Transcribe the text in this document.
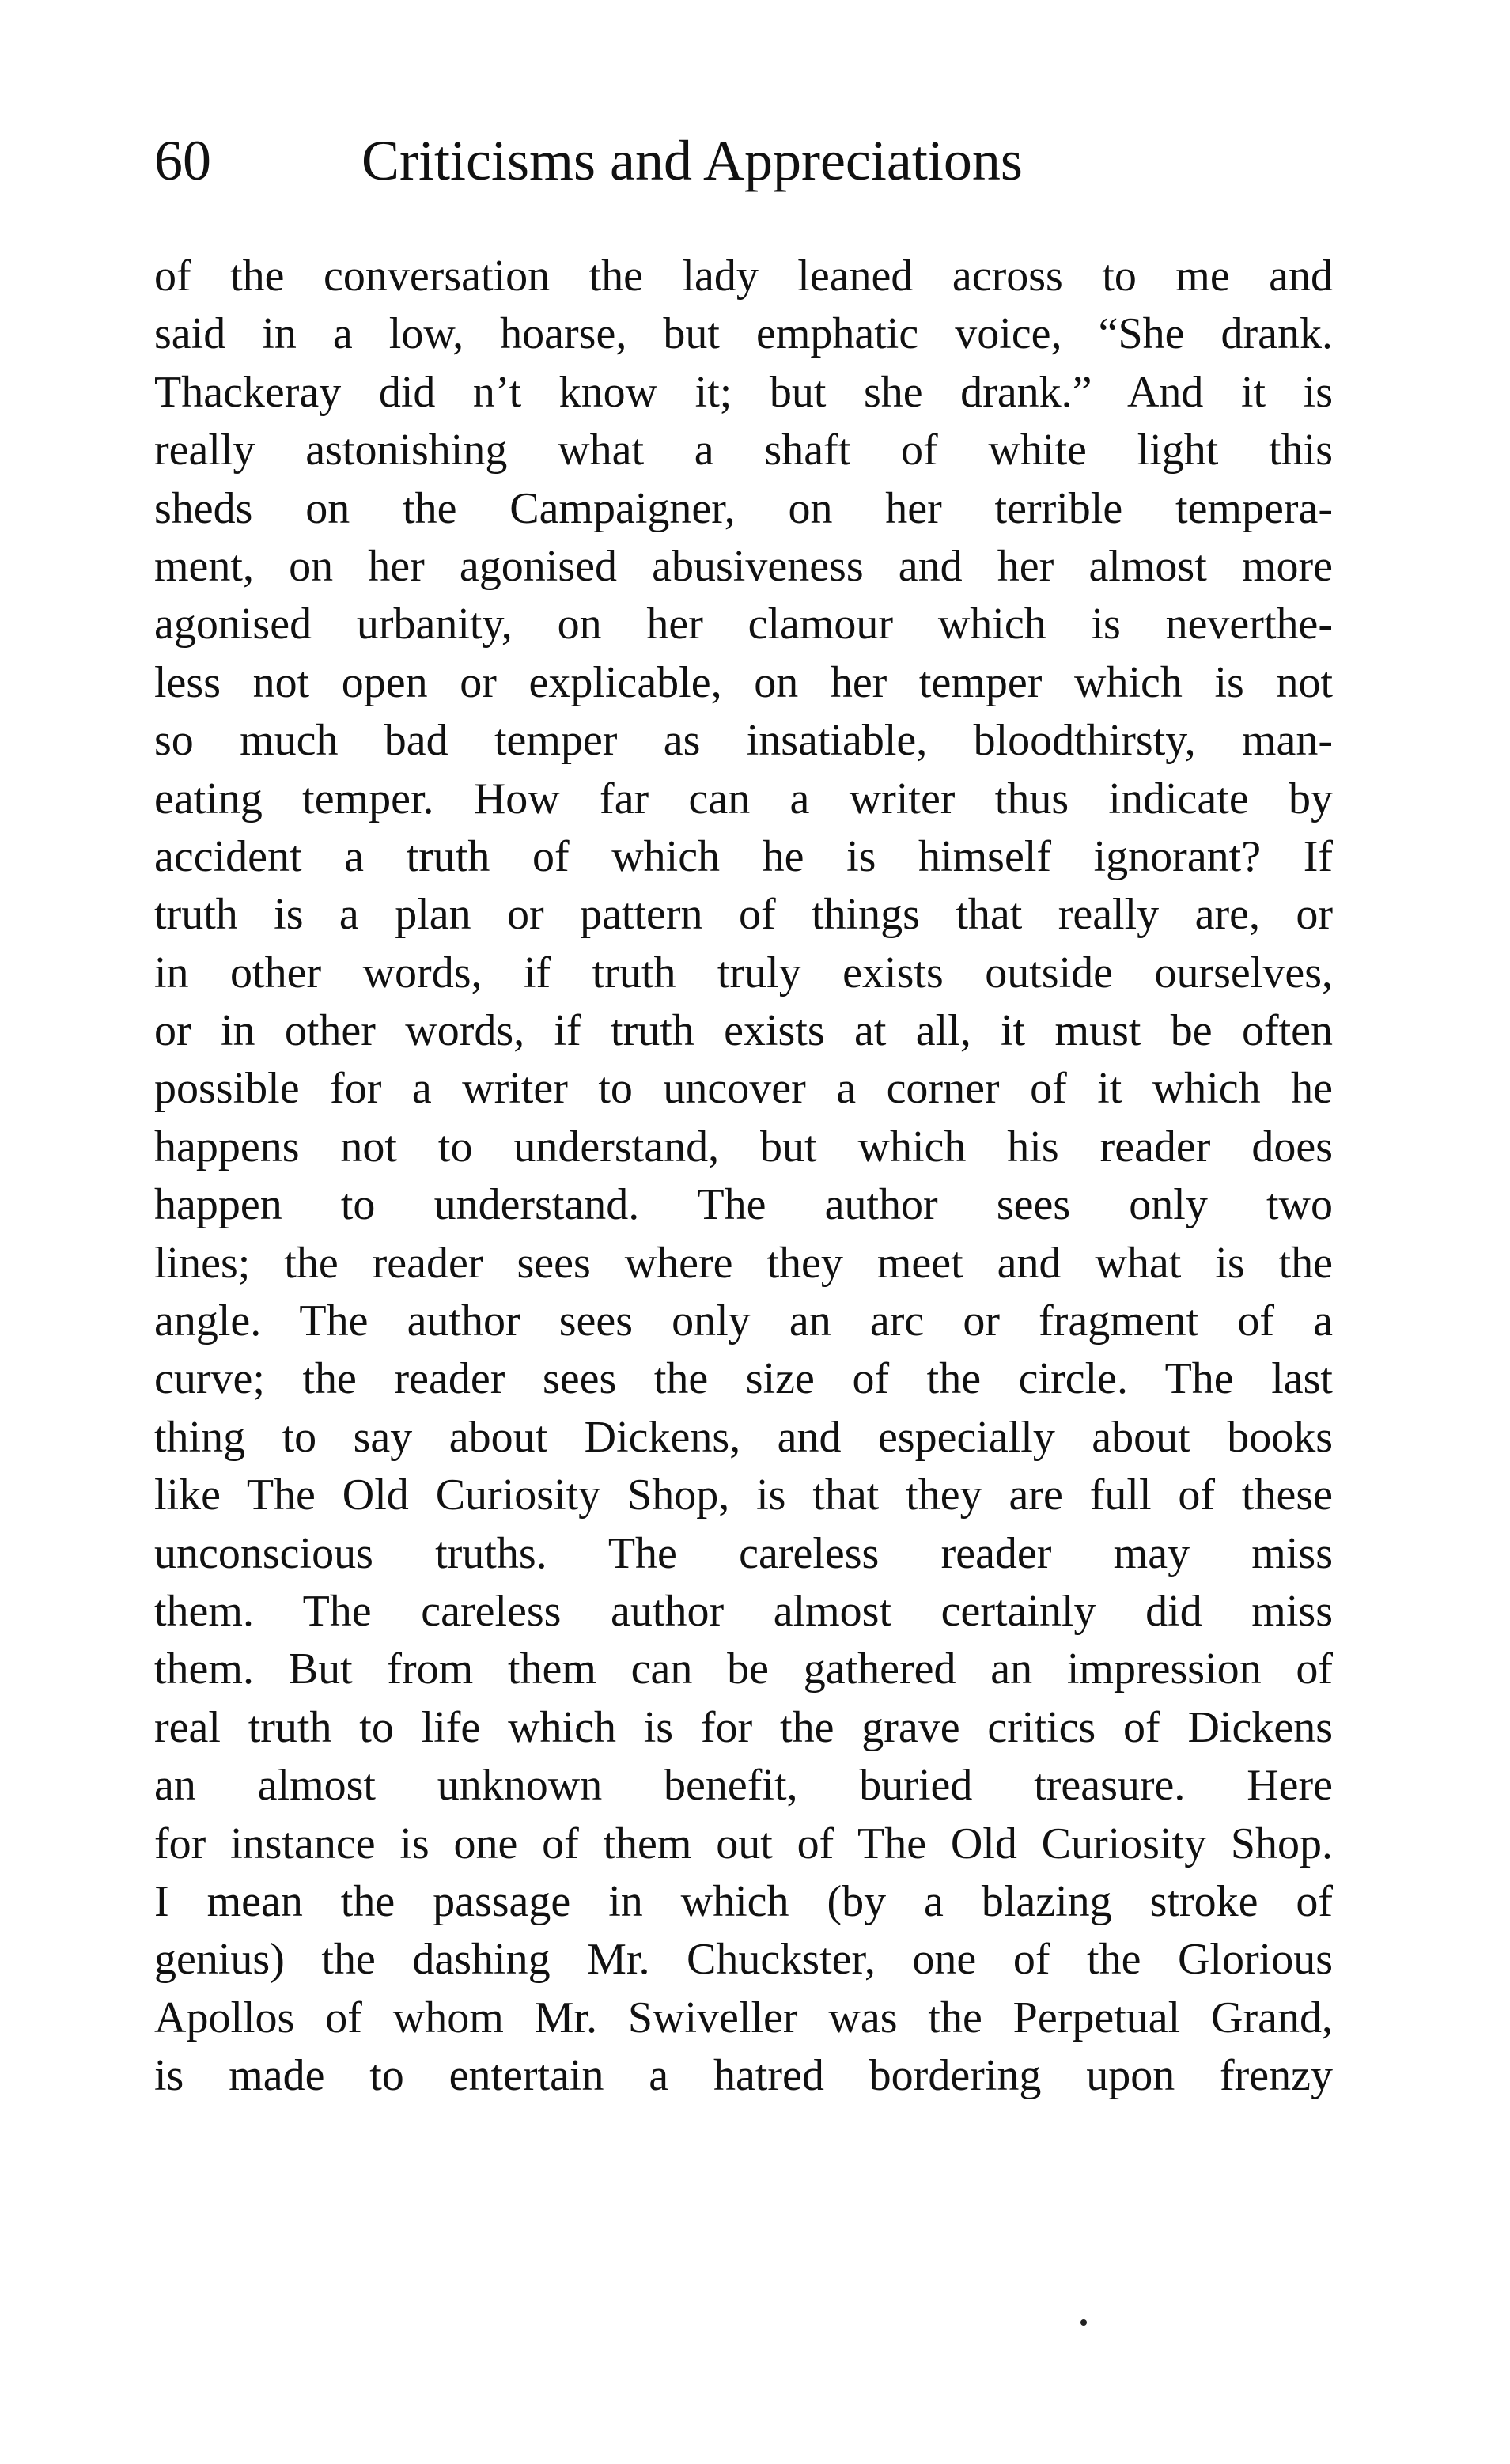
60	Criticisms and Appreciations
of the conversation the lady leaned across to me and
said in a low, hoarse, but emphatic voice, “She drank.
Thackeray did n’t know it; but she drank.” And it is
really astonishing what a shaft of white light this
sheds on the Campaigner, on her terrible tempera-
ment, on her agonised abusiveness and her almost more
agonised urbanity, on her clamour which is neverthe-
less not open or explicable, on her temper which is not
so much bad temper as insatiable, bloodthirsty, man-
eating temper. How far can a writer thus indicate by
accident a truth of which he is himself ignorant? If
truth is a plan or pattern of things that really are, or
in other words, if truth truly exists outside ourselves,
or in other words, if truth exists at all, it must be often
possible for a writer to uncover a corner of it which he
happens not to understand, but which his reader does
happen to understand. The author sees only two
lines; the reader sees where they meet and what is the
angle. The author sees only an arc or fragment of a
curve; the reader sees the size of the circle. The last
thing to say about Dickens, and especially about books
like The Old Curiosity Shop, is that they are full of these
unconscious truths. The careless reader may miss
them. The careless author almost certainly did miss
them. But from them can be gathered an impression of
real truth to life which is for the grave critics of Dickens
an almost unknown benefit, buried treasure. Here
for instance is one of them out of The Old Curiosity Shop.
I mean the passage in which (by a blazing stroke of
genius) the dashing Mr. Chuckster, one of the Glorious
Apollos of whom Mr. Swiveller was the Perpetual Grand,
is made to entertain a hatred bordering upon frenzy
